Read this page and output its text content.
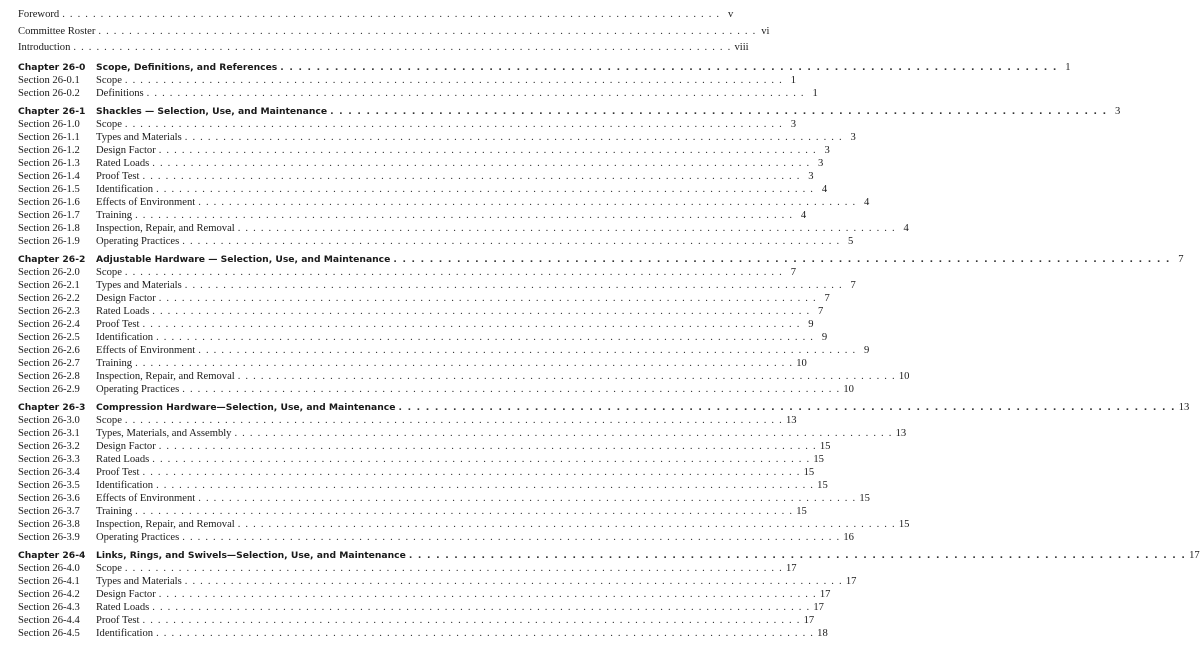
Foreword . . . . . . . . . . . . . . . . . . . . . . . . . . . . . . . . . . . . . . . . . . . . . . . . . . . . . . . . . . . . . . . . . . . . . . . . . . . . . . . . . . . . . . v
Committee Roster . . . . . . . . . . . . . . . . . . . . . . . . . . . . . . . . . . . . . . . . . . . . . . . . . . . . . . . . . . . . . . . . . . . . . . . . . . . . . . . . . . . . . . vi
Introduction . . . . . . . . . . . . . . . . . . . . . . . . . . . . . . . . . . . . . . . . . . . . . . . . . . . . . . . . . . . . . . . . . . . . . . . . . . . . . . . . . . . . . . viii
Chapter 26-0	Scope, Definitions, and References . . . . . . . . . . . . . . . . . . . . . . . . . . . . . . . . . . . . . . . . . . . . . . . . . . . . . . . . . . . . . . . . . . . . . . . . . . . . . . . . . . . . . . 1
Section 26-0.1	Scope . . . . . . . . . . . . . . . . . . . . . . . . . . . . . . . . . . . . . . . . . . . . . . . . . . . . . . . . . . . . . . . . . . . . . . . . . . . . . . . . . . . . . . 1
Section 26-0.2	Definitions . . . . . . . . . . . . . . . . . . . . . . . . . . . . . . . . . . . . . . . . . . . . . . . . . . . . . . . . . . . . . . . . . . . . . . . . . . . . . . . . . . . . . . 1
Chapter 26-1	Shackles — Selection, Use, and Maintenance . . . . . . . . . . . . . . . . . . . . . . . . . . . . . . . . . . . . . . . . . . . . . . . . . . . . . . . . . . . . . . . . . . . . . . . . . . . . . . . . . . . . . . 3
Section 26-1.0	Scope . . . . . . . . . . . . . . . . . . . . . . . . . . . . . . . . . . . . . . . . . . . . . . . . . . . . . . . . . . . . . . . . . . . . . . . . . . . . . . . . . . . . . . 3
Section 26-1.1	Types and Materials . . . . . . . . . . . . . . . . . . . . . . . . . . . . . . . . . . . . . . . . . . . . . . . . . . . . . . . . . . . . . . . . . . . . . . . . . . . . . . . . . . . . . . 3
Section 26-1.2	Design Factor . . . . . . . . . . . . . . . . . . . . . . . . . . . . . . . . . . . . . . . . . . . . . . . . . . . . . . . . . . . . . . . . . . . . . . . . . . . . . . . . . . . . . . 3
Section 26-1.3	Rated Loads . . . . . . . . . . . . . . . . . . . . . . . . . . . . . . . . . . . . . . . . . . . . . . . . . . . . . . . . . . . . . . . . . . . . . . . . . . . . . . . . . . . . . . 3
Section 26-1.4	Proof Test . . . . . . . . . . . . . . . . . . . . . . . . . . . . . . . . . . . . . . . . . . . . . . . . . . . . . . . . . . . . . . . . . . . . . . . . . . . . . . . . . . . . . . 3
Section 26-1.5	Identification . . . . . . . . . . . . . . . . . . . . . . . . . . . . . . . . . . . . . . . . . . . . . . . . . . . . . . . . . . . . . . . . . . . . . . . . . . . . . . . . . . . . . . 4
Section 26-1.6	Effects of Environment . . . . . . . . . . . . . . . . . . . . . . . . . . . . . . . . . . . . . . . . . . . . . . . . . . . . . . . . . . . . . . . . . . . . . . . . . . . . . . . . . . . . . . 4
Section 26-1.7	Training . . . . . . . . . . . . . . . . . . . . . . . . . . . . . . . . . . . . . . . . . . . . . . . . . . . . . . . . . . . . . . . . . . . . . . . . . . . . . . . . . . . . . . 4
Section 26-1.8	Inspection, Repair, and Removal . . . . . . . . . . . . . . . . . . . . . . . . . . . . . . . . . . . . . . . . . . . . . . . . . . . . . . . . . . . . . . . . . . . . . . . . . . . . . . . . . . . . . . 4
Section 26-1.9	Operating Practices . . . . . . . . . . . . . . . . . . . . . . . . . . . . . . . . . . . . . . . . . . . . . . . . . . . . . . . . . . . . . . . . . . . . . . . . . . . . . . . . . . . . . . 5
Chapter 26-2	Adjustable Hardware — Selection, Use, and Maintenance . . . . . . . . . . . . . . . . . . . . . . . . . . . . . . . . . . . . . . . . . . . . . . . . . . . . . . . . . . . . . . . . . . . . . . . . . . . . . . . . . . . . . . 7
Section 26-2.0	Scope . . . . . . . . . . . . . . . . . . . . . . . . . . . . . . . . . . . . . . . . . . . . . . . . . . . . . . . . . . . . . . . . . . . . . . . . . . . . . . . . . . . . . . 7
Section 26-2.1	Types and Materials . . . . . . . . . . . . . . . . . . . . . . . . . . . . . . . . . . . . . . . . . . . . . . . . . . . . . . . . . . . . . . . . . . . . . . . . . . . . . . . . . . . . . . 7
Section 26-2.2	Design Factor . . . . . . . . . . . . . . . . . . . . . . . . . . . . . . . . . . . . . . . . . . . . . . . . . . . . . . . . . . . . . . . . . . . . . . . . . . . . . . . . . . . . . . 7
Section 26-2.3	Rated Loads . . . . . . . . . . . . . . . . . . . . . . . . . . . . . . . . . . . . . . . . . . . . . . . . . . . . . . . . . . . . . . . . . . . . . . . . . . . . . . . . . . . . . . 7
Section 26-2.4	Proof Test . . . . . . . . . . . . . . . . . . . . . . . . . . . . . . . . . . . . . . . . . . . . . . . . . . . . . . . . . . . . . . . . . . . . . . . . . . . . . . . . . . . . . . 9
Section 26-2.5	Identification . . . . . . . . . . . . . . . . . . . . . . . . . . . . . . . . . . . . . . . . . . . . . . . . . . . . . . . . . . . . . . . . . . . . . . . . . . . . . . . . . . . . . . 9
Section 26-2.6	Effects of Environment . . . . . . . . . . . . . . . . . . . . . . . . . . . . . . . . . . . . . . . . . . . . . . . . . . . . . . . . . . . . . . . . . . . . . . . . . . . . . . . . . . . . . . 9
Section 26-2.7	Training . . . . . . . . . . . . . . . . . . . . . . . . . . . . . . . . . . . . . . . . . . . . . . . . . . . . . . . . . . . . . . . . . . . . . . . . . . . . . . . . . . . . . . 10
Section 26-2.8	Inspection, Repair, and Removal . . . . . . . . . . . . . . . . . . . . . . . . . . . . . . . . . . . . . . . . . . . . . . . . . . . . . . . . . . . . . . . . . . . . . . . . . . . . . . . . . . . . . . 10
Section 26-2.9	Operating Practices . . . . . . . . . . . . . . . . . . . . . . . . . . . . . . . . . . . . . . . . . . . . . . . . . . . . . . . . . . . . . . . . . . . . . . . . . . . . . . . . . . . . . . 10
Chapter 26-3	Compression Hardware—Selection, Use, and Maintenance . . . . . . . . . . . . . . . . . . . . . . . . . . . . . . . . . . . . . . . . . . . . . . . . . . . . . . . . . . . . . . . . . . . . . . . . . . . . . . . . . . . . . . 13
Section 26-3.0	Scope . . . . . . . . . . . . . . . . . . . . . . . . . . . . . . . . . . . . . . . . . . . . . . . . . . . . . . . . . . . . . . . . . . . . . . . . . . . . . . . . . . . . . . 13
Section 26-3.1	Types, Materials, and Assembly . . . . . . . . . . . . . . . . . . . . . . . . . . . . . . . . . . . . . . . . . . . . . . . . . . . . . . . . . . . . . . . . . . . . . . . . . . . . . . . . . . . . . . 13
Section 26-3.2	Design Factor . . . . . . . . . . . . . . . . . . . . . . . . . . . . . . . . . . . . . . . . . . . . . . . . . . . . . . . . . . . . . . . . . . . . . . . . . . . . . . . . . . . . . . 15
Section 26-3.3	Rated Loads . . . . . . . . . . . . . . . . . . . . . . . . . . . . . . . . . . . . . . . . . . . . . . . . . . . . . . . . . . . . . . . . . . . . . . . . . . . . . . . . . . . . . . 15
Section 26-3.4	Proof Test . . . . . . . . . . . . . . . . . . . . . . . . . . . . . . . . . . . . . . . . . . . . . . . . . . . . . . . . . . . . . . . . . . . . . . . . . . . . . . . . . . . . . . 15
Section 26-3.5	Identification . . . . . . . . . . . . . . . . . . . . . . . . . . . . . . . . . . . . . . . . . . . . . . . . . . . . . . . . . . . . . . . . . . . . . . . . . . . . . . . . . . . . . . 15
Section 26-3.6	Effects of Environment . . . . . . . . . . . . . . . . . . . . . . . . . . . . . . . . . . . . . . . . . . . . . . . . . . . . . . . . . . . . . . . . . . . . . . . . . . . . . . . . . . . . . . 15
Section 26-3.7	Training . . . . . . . . . . . . . . . . . . . . . . . . . . . . . . . . . . . . . . . . . . . . . . . . . . . . . . . . . . . . . . . . . . . . . . . . . . . . . . . . . . . . . . 15
Section 26-3.8	Inspection, Repair, and Removal . . . . . . . . . . . . . . . . . . . . . . . . . . . . . . . . . . . . . . . . . . . . . . . . . . . . . . . . . . . . . . . . . . . . . . . . . . . . . . . . . . . . . . 15
Section 26-3.9	Operating Practices . . . . . . . . . . . . . . . . . . . . . . . . . . . . . . . . . . . . . . . . . . . . . . . . . . . . . . . . . . . . . . . . . . . . . . . . . . . . . . . . . . . . . . 16
Chapter 26-4	Links, Rings, and Swivels—Selection, Use, and Maintenance . . . . . . . . . . . . . . . . . . . . . . . . . . . . . . . . . . . . . . . . . . . . . . . . . . . . . . . . . . . . . . . . . . . . . . . . . . . . . . . . . . . . . . 17
Section 26-4.0	Scope . . . . . . . . . . . . . . . . . . . . . . . . . . . . . . . . . . . . . . . . . . . . . . . . . . . . . . . . . . . . . . . . . . . . . . . . . . . . . . . . . . . . . . 17
Section 26-4.1	Types and Materials . . . . . . . . . . . . . . . . . . . . . . . . . . . . . . . . . . . . . . . . . . . . . . . . . . . . . . . . . . . . . . . . . . . . . . . . . . . . . . . . . . . . . . 17
Section 26-4.2	Design Factor . . . . . . . . . . . . . . . . . . . . . . . . . . . . . . . . . . . . . . . . . . . . . . . . . . . . . . . . . . . . . . . . . . . . . . . . . . . . . . . . . . . . . . 17
Section 26-4.3	Rated Loads . . . . . . . . . . . . . . . . . . . . . . . . . . . . . . . . . . . . . . . . . . . . . . . . . . . . . . . . . . . . . . . . . . . . . . . . . . . . . . . . . . . . . . 17
Section 26-4.4	Proof Test . . . . . . . . . . . . . . . . . . . . . . . . . . . . . . . . . . . . . . . . . . . . . . . . . . . . . . . . . . . . . . . . . . . . . . . . . . . . . . . . . . . . . . 17
Section 26-4.5	Identification . . . . . . . . . . . . . . . . . . . . . . . . . . . . . . . . . . . . . . . . . . . . . . . . . . . . . . . . . . . . . . . . . . . . . . . . . . . . . . . . . . . . . . 18
